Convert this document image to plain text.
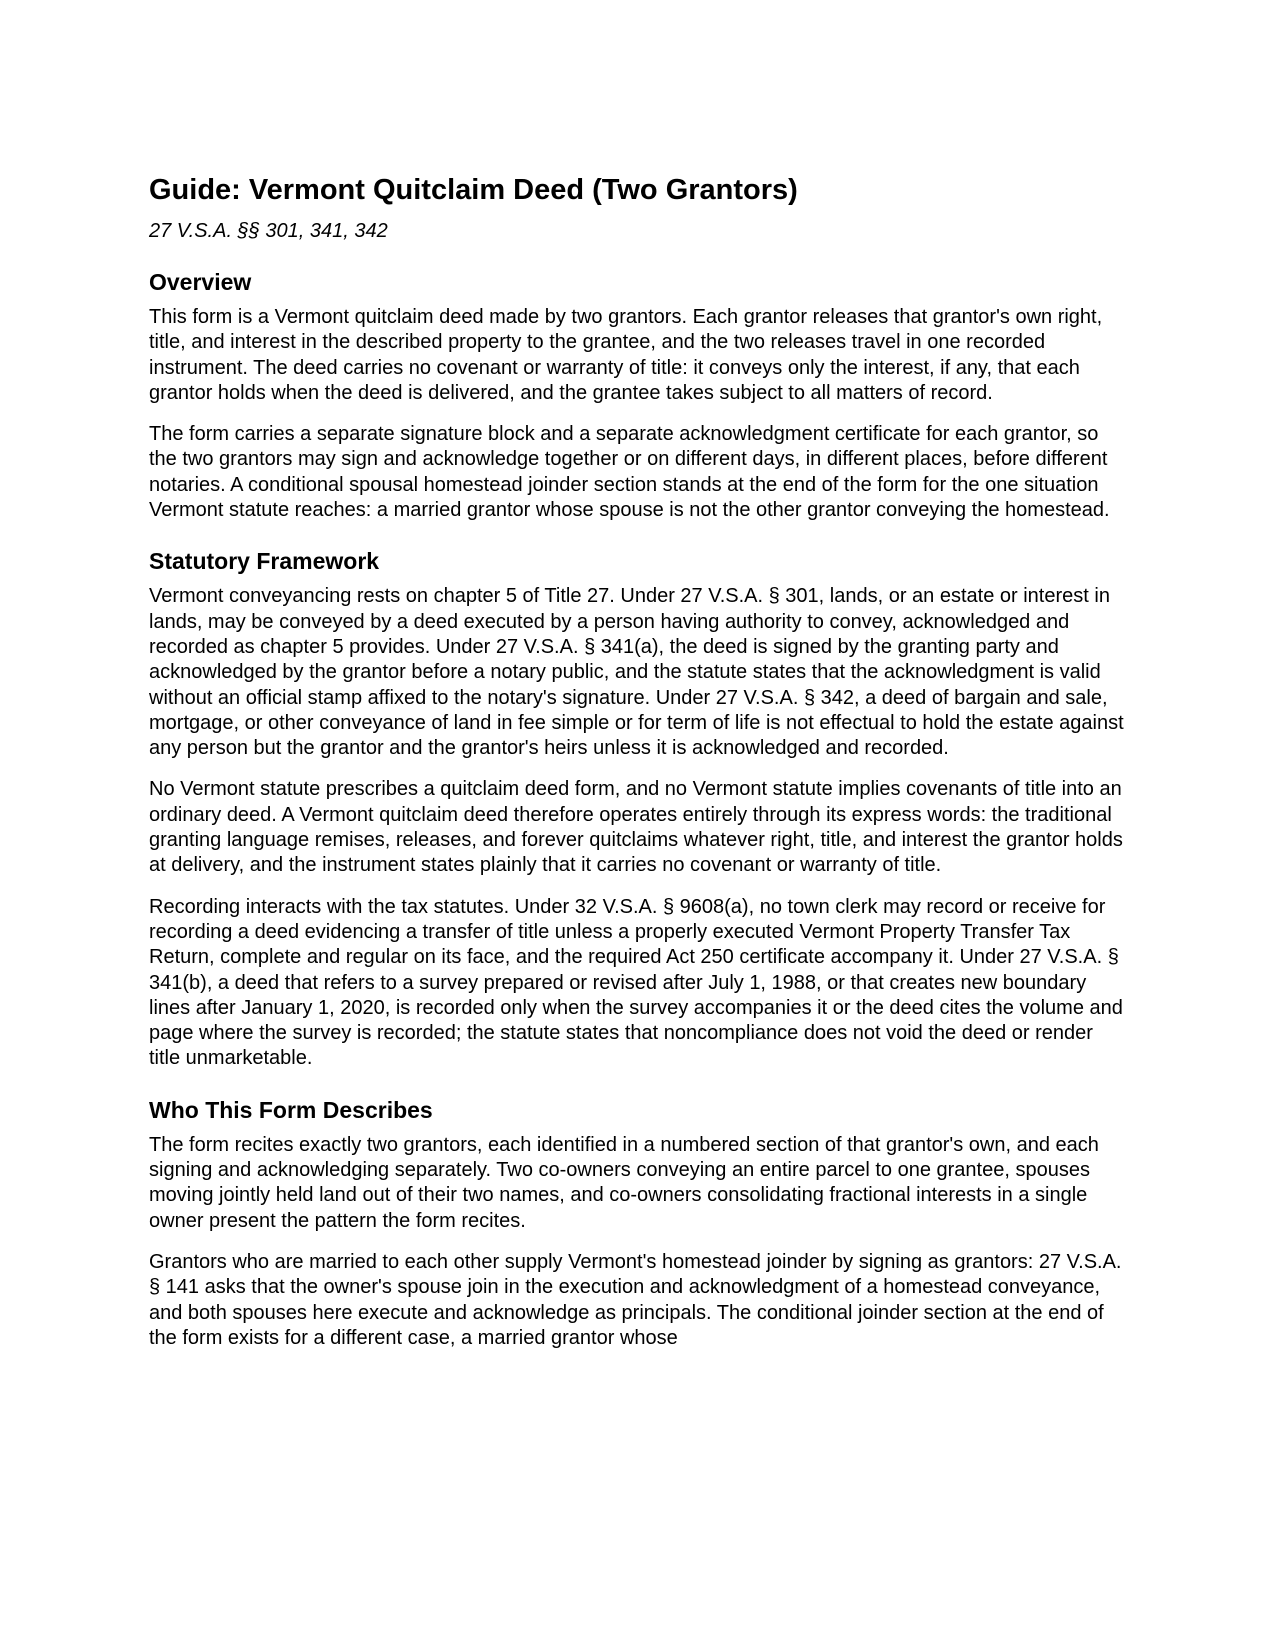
Guide: Vermont Quitclaim Deed (Two Grantors)
27 V.S.A. §§ 301, 341, 342
Overview

This form is a Vermont quitclaim deed made by two grantors. Each grantor releases that grantor's own right, title, and interest in the described property to the grantee, and the two releases travel in one recorded instrument. The deed carries no covenant or warranty of title: it conveys only the interest, if any, that each grantor holds when the deed is delivered, and the grantee takes subject to all matters of record.

The form carries a separate signature block and a separate acknowledgment certificate for each grantor, so the two grantors may sign and acknowledge together or on different days, in different places, before different notaries. A conditional spousal homestead joinder section stands at the end of the form for the one situation Vermont statute reaches: a married grantor whose spouse is not the other grantor conveying the homestead.

Statutory Framework

Vermont conveyancing rests on chapter 5 of Title 27. Under 27 V.S.A. § 301, lands, or an estate or interest in lands, may be conveyed by a deed executed by a person having authority to convey, acknowledged and recorded as chapter 5 provides. Under 27 V.S.A. § 341(a), the deed is signed by the granting party and acknowledged by the grantor before a notary public, and the statute states that the acknowledgment is valid without an official stamp affixed to the notary's signature. Under 27 V.S.A. § 342, a deed of bargain and sale, mortgage, or other conveyance of land in fee simple or for term of life is not effectual to hold the estate against any person but the grantor and the grantor's heirs unless it is acknowledged and recorded.

No Vermont statute prescribes a quitclaim deed form, and no Vermont statute implies covenants of title into an ordinary deed. A Vermont quitclaim deed therefore operates entirely through its express words: the traditional granting language remises, releases, and forever quitclaims whatever right, title, and interest the grantor holds at delivery, and the instrument states plainly that it carries no covenant or warranty of title.

Recording interacts with the tax statutes. Under 32 V.S.A. § 9608(a), no town clerk may record or receive for recording a deed evidencing a transfer of title unless a properly executed Vermont Property Transfer Tax Return, complete and regular on its face, and the required Act 250 certificate accompany it. Under 27 V.S.A. § 341(b), a deed that refers to a survey prepared or revised after July 1, 1988, or that creates new boundary lines after January 1, 2020, is recorded only when the survey accompanies it or the deed cites the volume and page where the survey is recorded; the statute states that noncompliance does not void the deed or render title unmarketable.

Who This Form Describes

The form recites exactly two grantors, each identified in a numbered section of that grantor's own, and each signing and acknowledging separately. Two co-owners conveying an entire parcel to one grantee, spouses moving jointly held land out of their two names, and co-owners consolidating fractional interests in a single owner present the pattern the form recites.

Grantors who are married to each other supply Vermont's homestead joinder by signing as grantors: 27 V.S.A. § 141 asks that the owner's spouse join in the execution and acknowledgment of a homestead conveyance, and both spouses here execute and acknowledge as principals. The conditional joinder section at the end of the form exists for a different case, a married grantor whose
